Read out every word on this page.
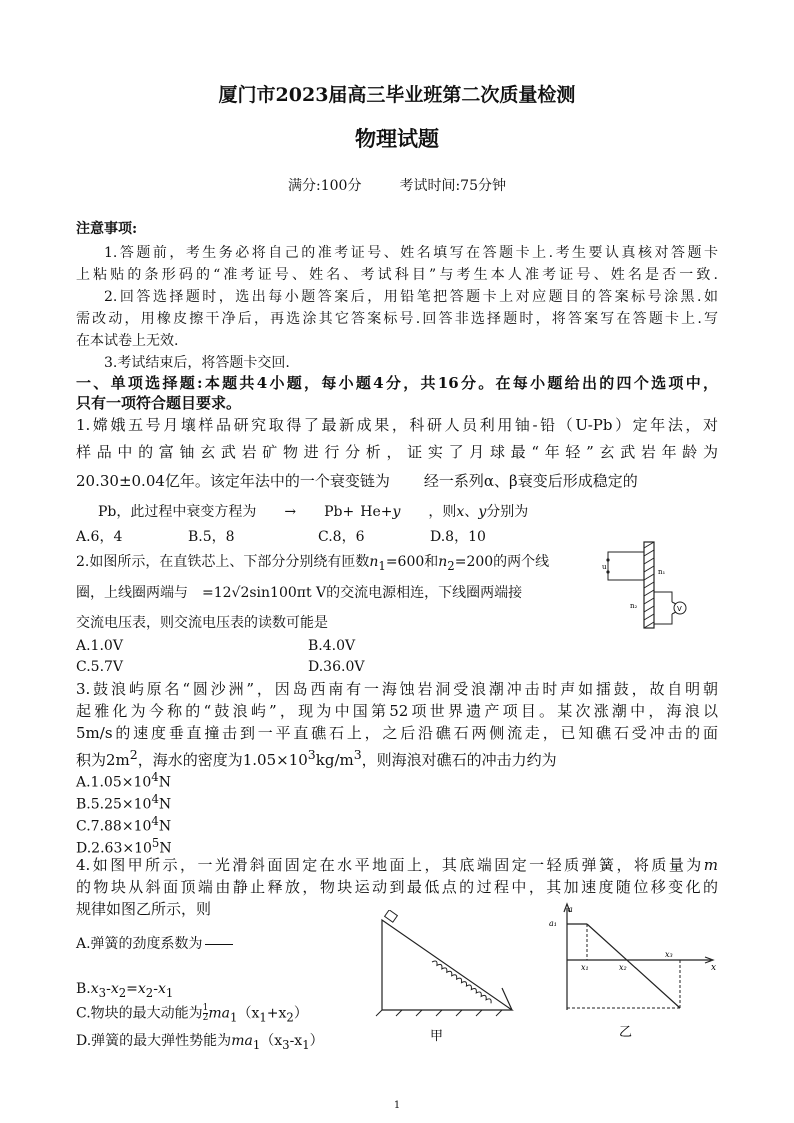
厦门市2023届高三毕业班第二次质量检测
物理试题
满分:100分	考试时间:75分钟
注意事项:
1.答题前，考生务必将自己的准考证号、姓名填写在答题卡上.考生要认真核对答题卡
上粘贴的条形码的“准考证号、姓名、考试科目”与考生本人准考证号、姓名是否一致.
2.回答选择题时，选出每小题答案后，用铅笔把答题卡上对应题目的答案标号涂黑.如
需改动，用橡皮擦干净后，再选涂其它答案标号.回答非选择题时，将答案写在答题卡上.写
在本试卷上无效.
3.考试结束后，将答题卡交回.
一、单项选择题:本题共4小题，每小题4分，共16分。在每小题给出的四个选项中，
只有一项符合题目要求。
1.嫦娥五号月壤样品研究取得了最新成果，科研人员利用铀-铅（U-Pb）定年法，对
样品中的富铀玄武岩矿物进行分析，证实了月球最“年轻”玄武岩年龄为
20.30±0.04亿年。该定年法中的一个衰变链为 经一系列α、β衰变后形成稳定的
Pb，此过程中衰变方程为 → Pb+ He+y ，则x、y分别为
A.6，4	B.5，8	C.8，6	D.8，10
2.如图所示，在直铁芯上、下部分分别绕有匝数$n_1=600$和$n_2=200$的两个线
圈，上线圈两端与 =12√2sin100πt V的交流电源相连，下线圈两端接
交流电压表，则交流电压表的读数可能是
A.1.0V	B.4.0V
C.5.7V	D.36.0V
u
n₁
V
n₂
3.鼓浪屿原名“圆沙洲”，因岛西南有一海蚀岩洞受浪潮冲击时声如擂鼓，故自明朝
起雅化为今称的“鼓浪屿”，现为中国第52项世界遗产项目。某次涨潮中，海浪以
5m/s的速度垂直撞击到一平直礁石上，之后沿礁石两侧流走，已知礁石受冲击的面
积为$2m^2$，海水的密度为$1.05\times 10^3kg/m^3$，则海浪对礁石的冲击力约为
$A.1.05\times 10^4N$
$B.5.25\times 10^4N$
$C.7.88\times 10^4N$
$D.2.63\times 10^5N$
4.如图甲所示，一光滑斜面固定在水平地面上，其底端固定一轻质弹簧，将质量为m
的物块从斜面顶端由静止释放，物块运动到最低点的过程中，其加速度随位移变化的
规律如图乙所示，则
A.弹簧的劲度系数为
$B.x_3-x_2=x_2-x_1$
C.物块的最大动能为 $\frac{1}{2} ma_1(x_1+x_2)$
D.弹簧的最大弹性势能为$ma_1(x_3-x_1)$	甲
a
a₁
x
x₁	x₂
x₃
乙
1
